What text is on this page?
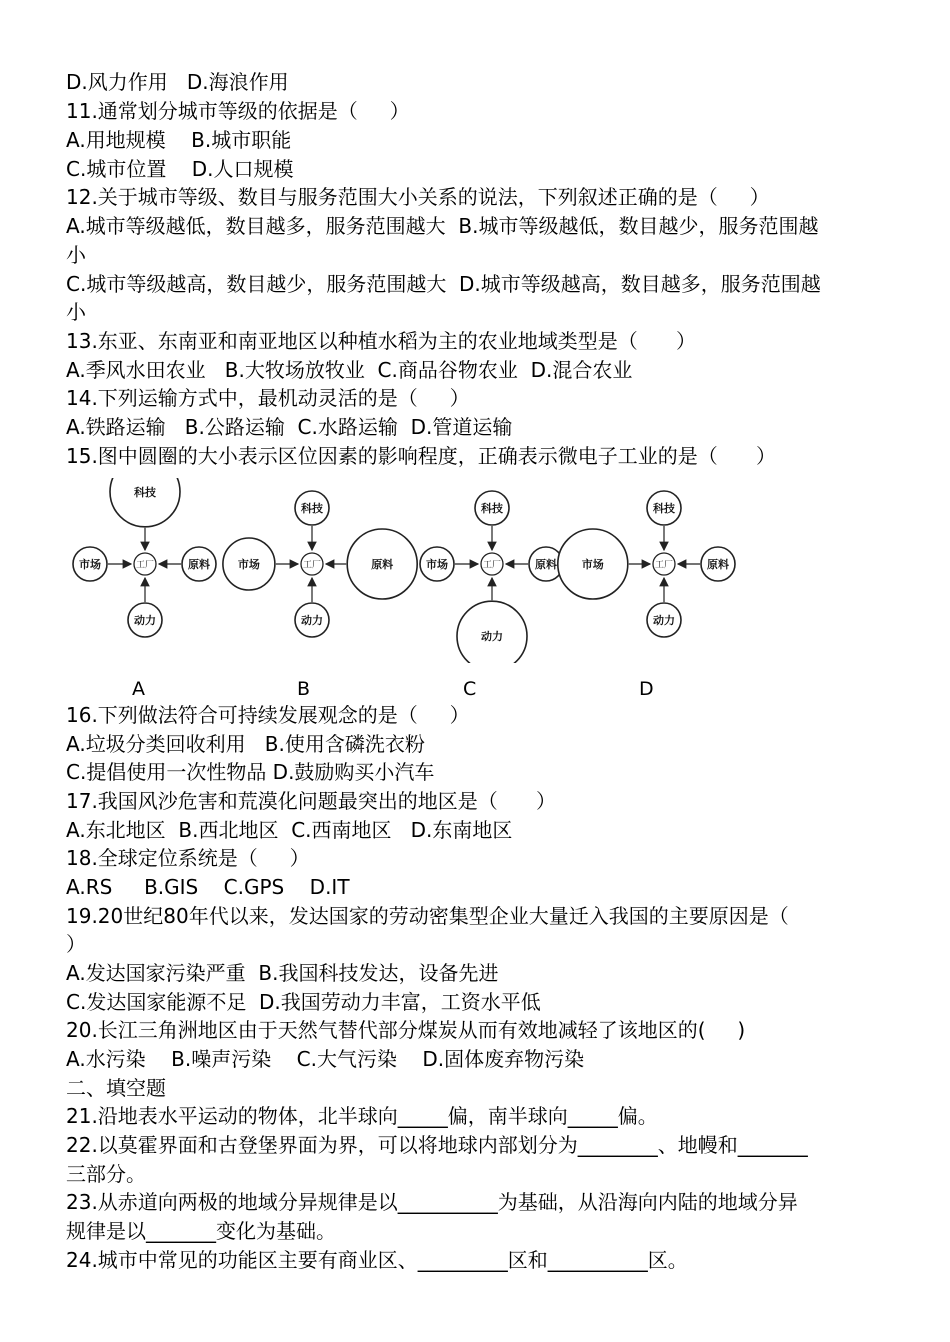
D.风力作用   D.海浪作用
11.通常划分城市等级的依据是（     ）
A.用地规模    B.城市职能
C.城市位置    D.人口规模
12.关于城市等级、数目与服务范围大小关系的说法，下列叙述正确的是（     ）
A.城市等级越低，数目越多，服务范围越大  B.城市等级越低，数目越少，服务范围越
小
C.城市等级越高，数目越少，服务范围越大  D.城市等级越高，数目越多，服务范围越
小
13.东亚、东南亚和南亚地区以种植水稻为主的农业地域类型是（      ）
A.季风水田农业   B.大牧场放牧业  C.商品谷物农业  D.混合农业
14.下列运输方式中，最机动灵活的是（     ）
A.铁路运输   B.公路运输  C.水路运输  D.管道运输
15.图中圆圈的大小表示区位因素的影响程度，正确表示微电子工业的是（      ）
工厂
科技
市场	原料
动力
工厂
科技
市场	原料
动力
工厂
科技
市场	原料
动力
工厂
科技
市场	原料
动力
A	B	C	D
16.下列做法符合可持续发展观念的是（     ）
A.垃圾分类回收利用   B.使用含磷洗衣粉
C.提倡使用一次性物品 D.鼓励购买小汽车
17.我国风沙危害和荒漠化问题最突出的地区是（      ）
A.东北地区  B.西北地区  C.西南地区   D.东南地区
18.全球定位系统是（     ）
A.RS     B.GIS    C.GPS    D.IT
19.20世纪80年代以来，发达国家的劳动密集型企业大量迁入我国的主要原因是（
）
A.发达国家污染严重  B.我国科技发达，设备先进
C.发达国家能源不足  D.我国劳动力丰富，工资水平低
20.长江三角洲地区由于天然气替代部分煤炭从而有效地减轻了该地区的(     )
A.水污染    B.噪声污染    C.大气污染    D.固体废弃物污染
二、填空题
21.沿地表水平运动的物体，北半球向_____偏，南半球向_____偏。
22.以莫霍界面和古登堡界面为界，可以将地球内部划分为________、地幔和_______
三部分。
23.从赤道向两极的地域分异规律是以__________为基础，从沿海向内陆的地域分异
规律是以_______变化为基础。
24.城市中常见的功能区主要有商业区、_________区和__________区。
